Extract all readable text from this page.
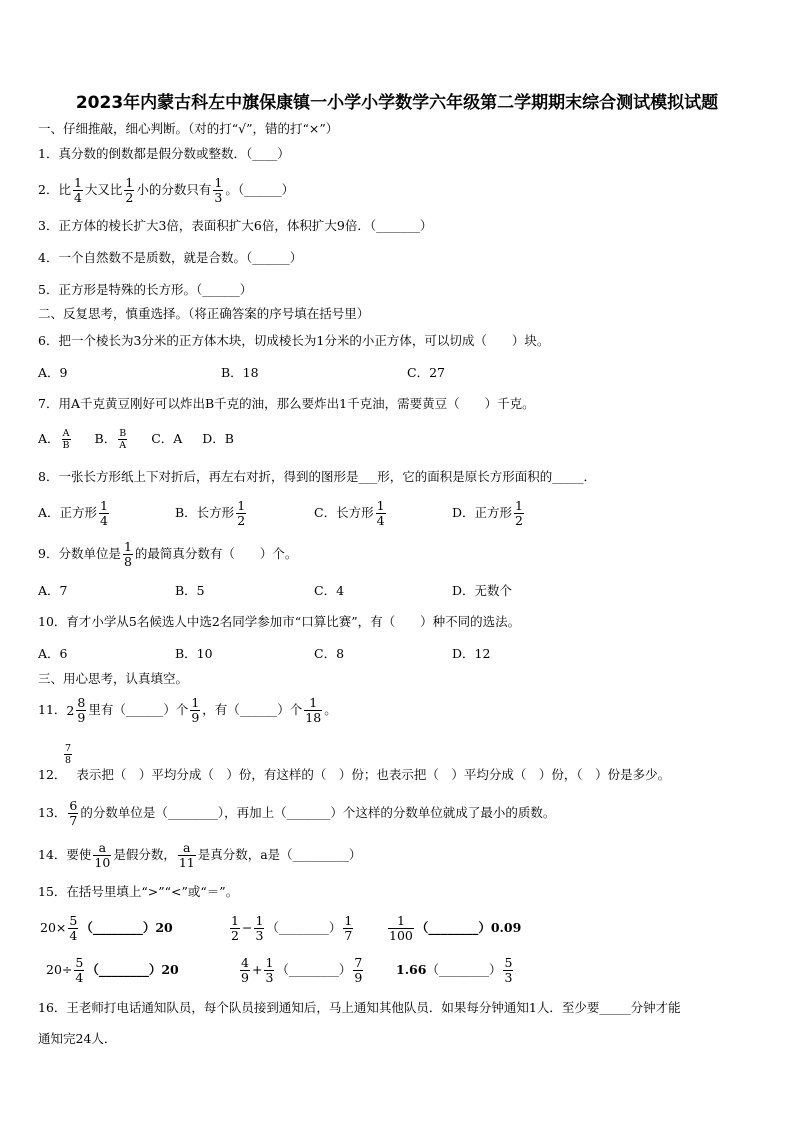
2023年内蒙古科左中旗保康镇一小学小学数学六年级第二学期期末综合测试模拟试题
一、仔细推敲，细心判断。（对的打“√”，错的打“×”）
1．真分数的倒数都是假分数或整数．（____）
2．比 $\frac{1}{4}$ 大又比 $\frac{1}{2}$ 小的分数只有 $\frac{1}{3}$ 。（______）
3．正方体的棱长扩大3倍，表面积扩大6倍，体积扩大9倍．（_______）
4．一个自然数不是质数，就是合数。（______）
5．正方形是特殊的长方形。（______）
二、反复思考，慎重选择。（将正确答案的序号填在括号里）
6．把一个棱长为3分米的正方体木块，切成棱长为1分米的小正方体，可以切成（　　）块。
A．9	B．18	C．27
7．用A千克黄豆刚好可以炸出B千克的油，那么要炸出1千克油，需要黄豆（　　）千克。
A． $\frac{A}{B}$ B． $\frac{B}{A}$ C．A D．B
8．一张长方形纸上下对折后，再左右对折，得到的图形是___形，它的面积是原长方形面积的_____．
A．正方形 $\frac{1}{4}$	B．长方形 $\frac{1}{2}$	C．长方形 $\frac{1}{4}$	D．正方形 $\frac{1}{2}$
9．分数单位是 $\frac{1}{8}$ 的最简真分数有（　　）个。
A．7	B．5	C．4	D．无数个
10．育才小学从5名候选人中选2名同学参加市“口算比赛”，有（　　）种不同的选法。
A．6	B．10	C．8	D．12
三、用心思考，认真填空。
11． 2 8
9
里有（______）个 $\frac{1}{9}$ ，有（______）个 $\frac{1}{18}$ 。
$\frac{7}{8}$
12． 表示把（　）平均分成（　）份，有这样的（　）份；也表示把（　）平均分成（　）份，（　）份是多少。
13． $\frac{6}{7}$ 的分数单位是（________），再加上（_______）个这样的分数单位就成了最小的质数。
14．要使 $\frac{a}{10}$ 是假分数， $\frac{a}{11}$ 是真分数，a是（_________）
15．在括号里填上“>”“<”或“＝”。
$20\times \frac{5}{4}$ （________）20	$\frac{1}{2} - \frac{1}{3}$ （________） $\frac{1}{7}$	$\frac{1}{100}$ （________）0.09
$20\div \frac{5}{4}$ （________）20	$\frac{4}{9} + \frac{1}{3}$ （________） $\frac{7}{9}$	1.66（________） $\frac{5}{3}$
16．王老师打电话通知队员，每个队员接到通知后，马上通知其他队员．如果每分钟通知1人．至少要_____分钟才能
通知完24人．
